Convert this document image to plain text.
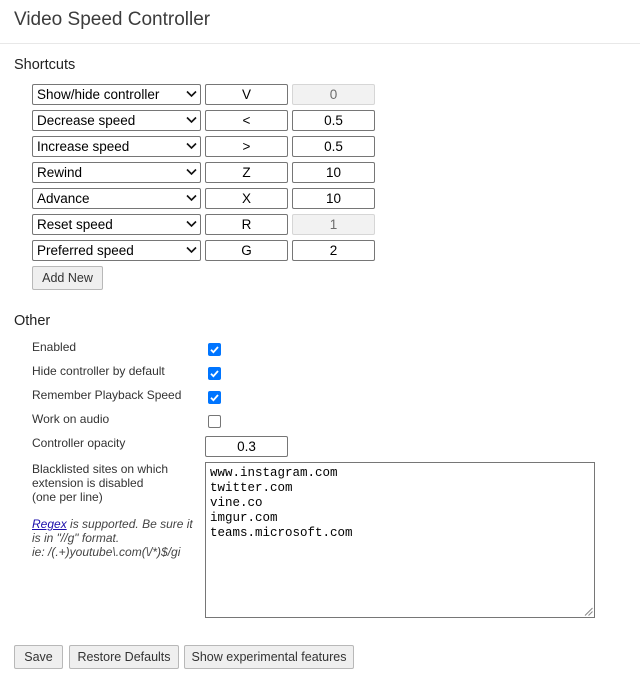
Video Speed Controller
Shortcuts
Show/hide controller	V	0
Decrease speed	<	0.5
Increase speed	>	0.5
Rewind	Z	10
Advance	X	10
Reset speed	R	1
Preferred speed	G	2
Add New
Other
Enabled
Hide controller by default
Remember Playback Speed
Work on audio
Controller opacity	0.3
Blacklisted sites on which
extension is disabled
(one per line)
Regex is supported. Be sure it
is in "//g" format.
ie: /(.+)youtube\.com(\/*)$/gi
www.instagram.com
twitter.com
vine.co
imgur.com
teams.microsoft.com
Save	Restore Defaults	Show experimental features
